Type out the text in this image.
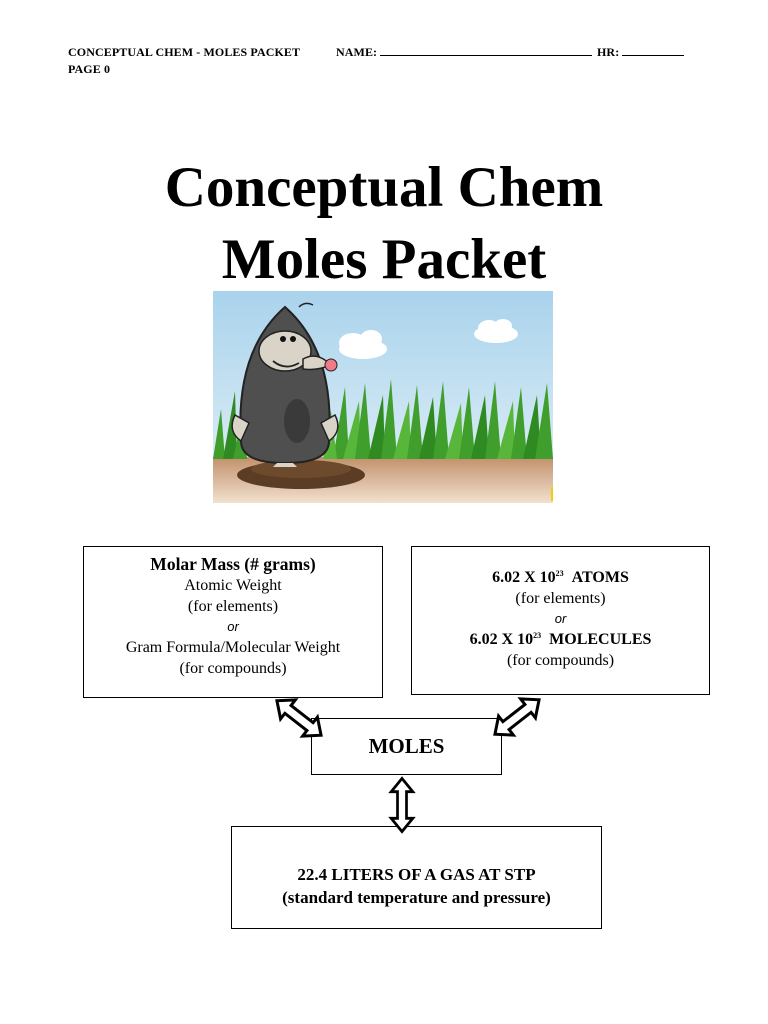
CONCEPTUAL CHEM - MOLES PACKET	NAME:	HR:
PAGE 0
Conceptual Chem
Moles Packet
Molar Mass (# grams)
Atomic Weight
(for elements)
or
Gram Formula/Molecular Weight
(for compounds)
6.02 X $10^{23}$ ATOMS
(for elements)
or
6.02 X $10^{23}$ MOLECULES
(for compounds)
MOLES
22.4 LITERS OF A GAS AT STP
(standard temperature and pressure)
